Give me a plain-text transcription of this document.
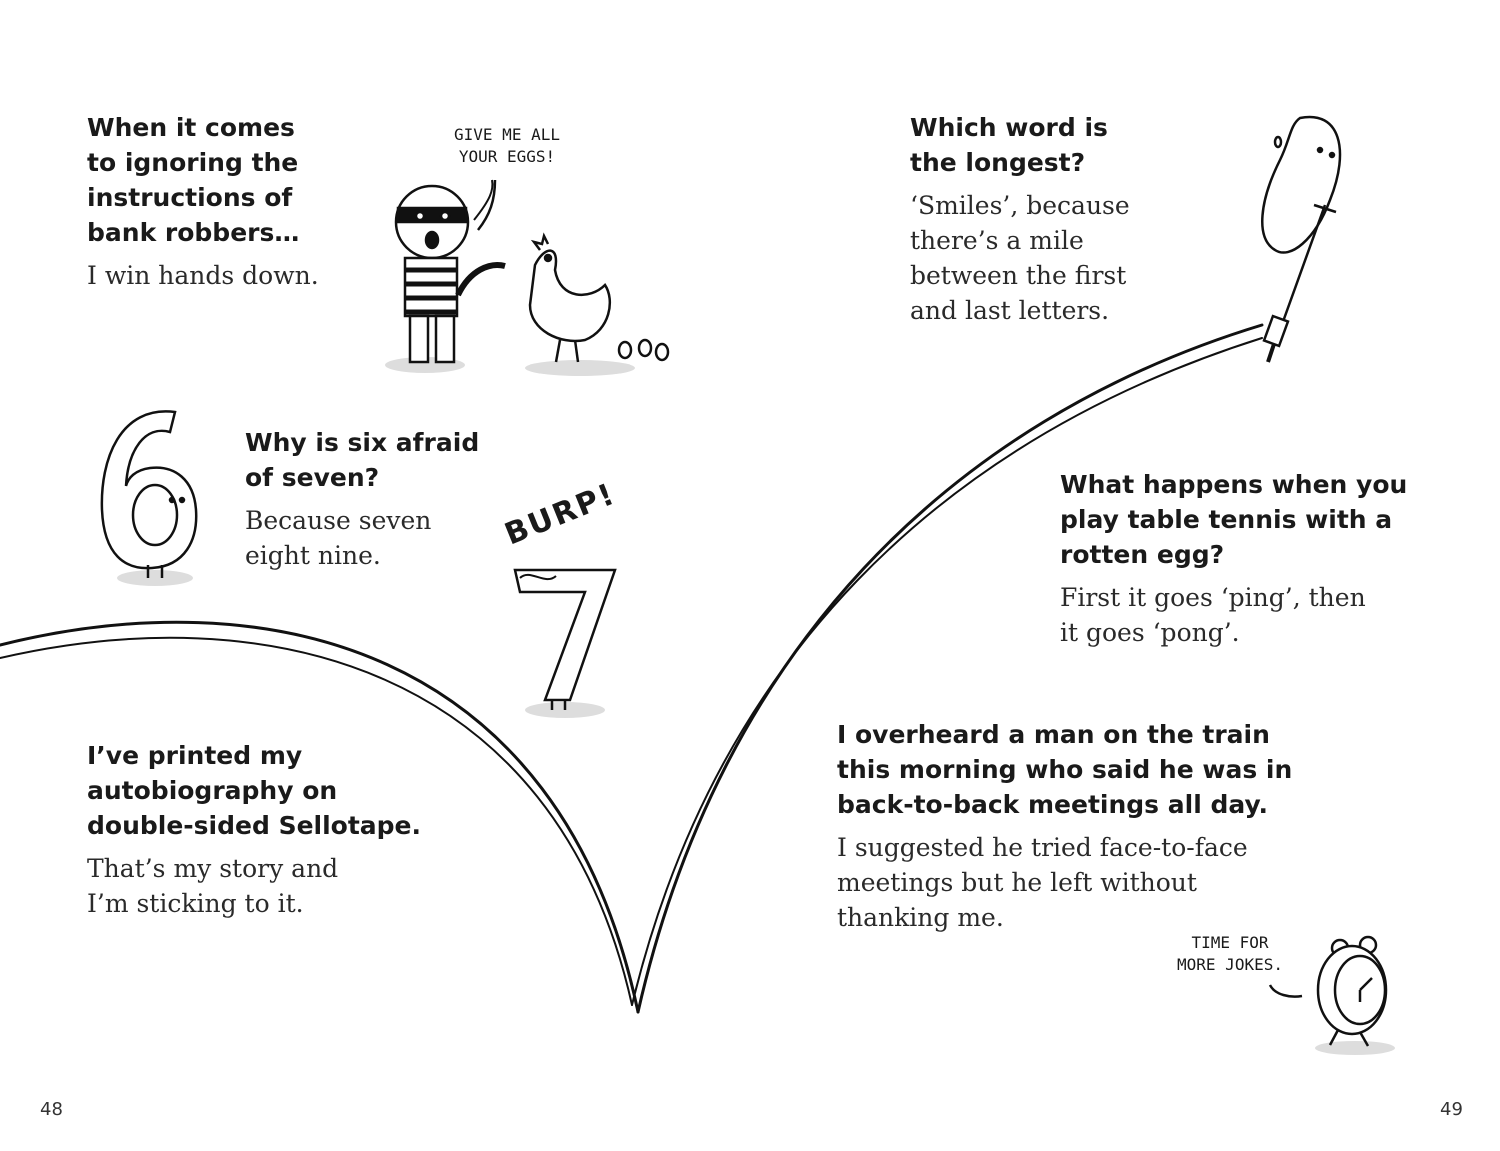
When it comes
to ignoring the
instructions of
bank robbers…

I win hands down.

Why is six afraid
of seven?

Because seven
eight nine.

I’ve printed my
autobiography on
double-sided Sellotape.

That’s my story and
I’m sticking to it.

Which word is
the longest?

‘Smiles’, because
there’s a mile
between the first
and last letters.

What happens when you
play table tennis with a
rotten egg?

First it goes ‘ping’, then
it goes ‘pong’.

I overheard a man on the train
this morning who said he was in
back-to-back meetings all day.

I suggested he tried face-to-face
meetings but he left without
thanking me.

GIVE ME ALL
YOUR EGGS!
BURP!
TIME FOR
MORE JOKES.
48	49
